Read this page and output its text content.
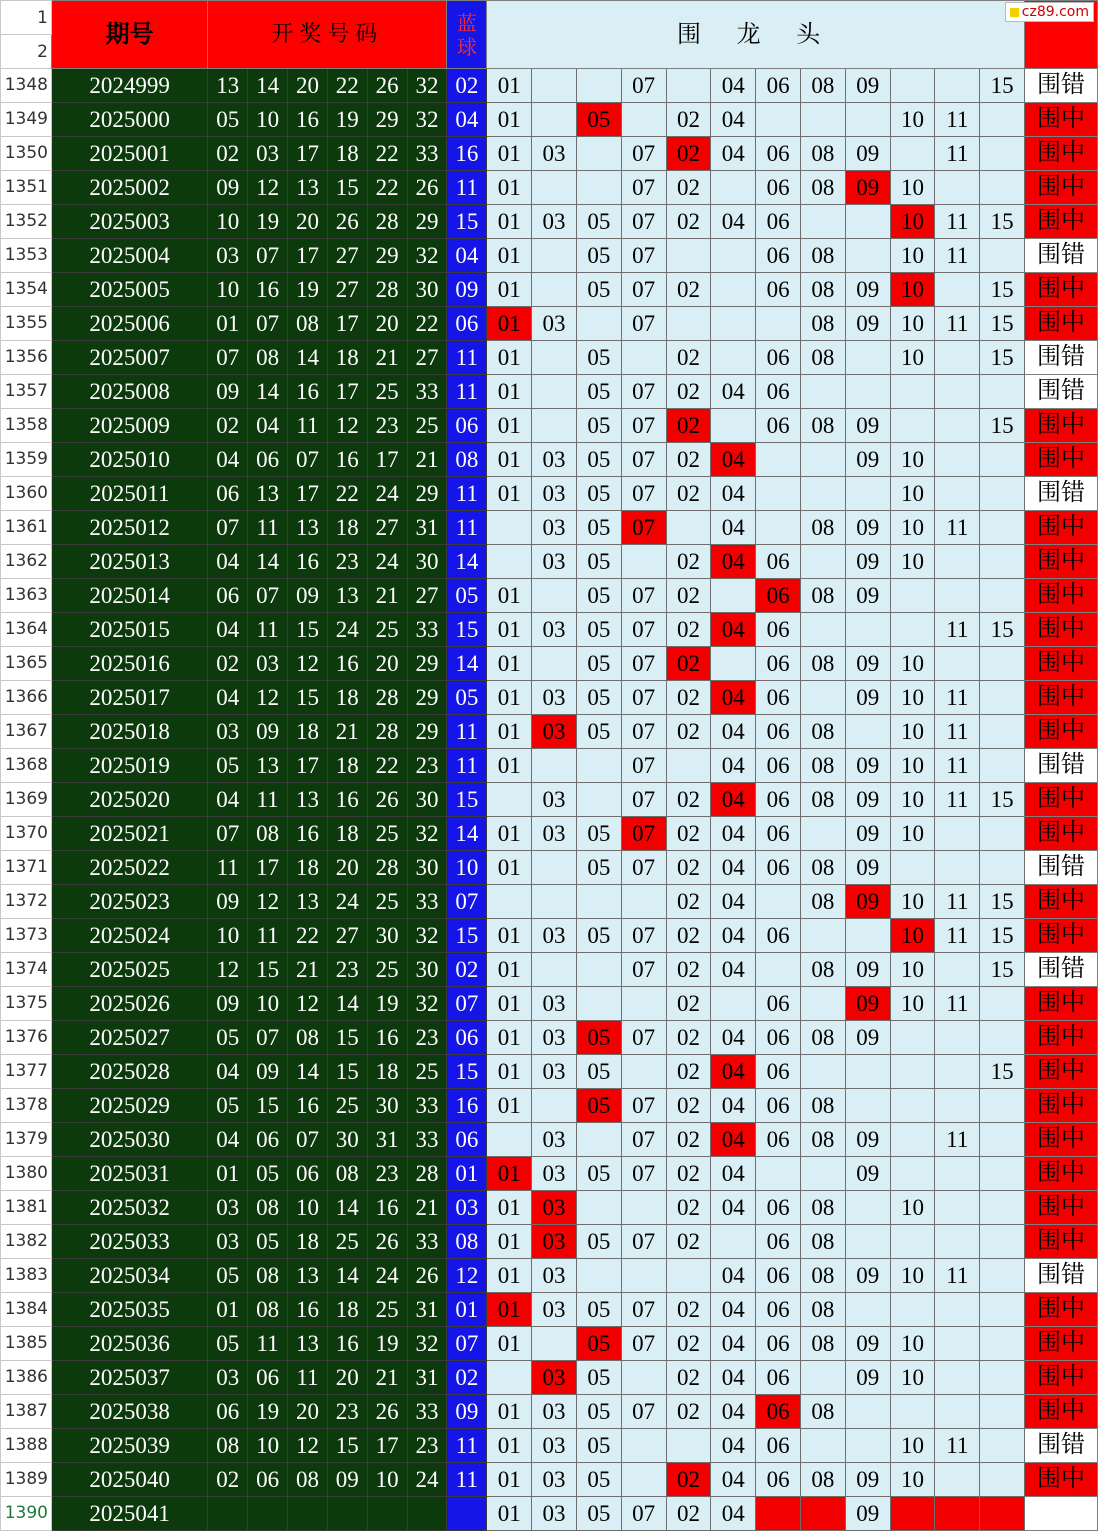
1	期号	开奖号码						蓝
球	围 龙 头												
2																					
1348	2024999	13	14	20	22	26	32	02	01			07		04	06	08	09			15	围错
1349	2025000	05	10	16	19	29	32	04	01		05		02	04				10	11		围中
1350	2025001	02	03	17	18	22	33	16	01	03		07	02	04	06	08	09		11		围中
1351	2025002	09	12	13	15	22	26	11	01			07	02		06	08	09	10			围中
1352	2025003	10	19	20	26	28	29	15	01	03	05	07	02	04	06			10	11	15	围中
1353	2025004	03	07	17	27	29	32	04	01		05	07			06	08		10	11		围错
1354	2025005	10	16	19	27	28	30	09	01		05	07	02		06	08	09	10		15	围中
1355	2025006	01	07	08	17	20	22	06	01	03		07				08	09	10	11	15	围中
1356	2025007	07	08	14	18	21	27	11	01		05		02		06	08		10		15	围错
1357	2025008	09	14	16	17	25	33	11	01		05	07	02	04	06						围错
1358	2025009	02	04	11	12	23	25	06	01		05	07	02		06	08	09			15	围中
1359	2025010	04	06	07	16	17	21	08	01	03	05	07	02	04			09	10			围中
1360	2025011	06	13	17	22	24	29	11	01	03	05	07	02	04				10			围错
1361	2025012	07	11	13	18	27	31	11		03	05	07		04		08	09	10	11		围中
1362	2025013	04	14	16	23	24	30	14		03	05		02	04	06		09	10			围中
1363	2025014	06	07	09	13	21	27	05	01		05	07	02		06	08	09				围中
1364	2025015	04	11	15	24	25	33	15	01	03	05	07	02	04	06				11	15	围中
1365	2025016	02	03	12	16	20	29	14	01		05	07	02		06	08	09	10			围中
1366	2025017	04	12	15	18	28	29	05	01	03	05	07	02	04	06		09	10	11		围中
1367	2025018	03	09	18	21	28	29	11	01	03	05	07	02	04	06	08		10	11		围中
1368	2025019	05	13	17	18	22	23	11	01			07		04	06	08	09	10	11		围错
1369	2025020	04	11	13	16	26	30	15		03		07	02	04	06	08	09	10	11	15	围中
1370	2025021	07	08	16	18	25	32	14	01	03	05	07	02	04	06		09	10			围中
1371	2025022	11	17	18	20	28	30	10	01		05	07	02	04	06	08	09				围错
1372	2025023	09	12	13	24	25	33	07					02	04		08	09	10	11	15	围中
1373	2025024	10	11	22	27	30	32	15	01	03	05	07	02	04	06			10	11	15	围中
1374	2025025	12	15	21	23	25	30	02	01			07	02	04		08	09	10		15	围错
1375	2025026	09	10	12	14	19	32	07	01	03			02		06		09	10	11		围中
1376	2025027	05	07	08	15	16	23	06	01	03	05	07	02	04	06	08	09				围中
1377	2025028	04	09	14	15	18	25	15	01	03	05		02	04	06					15	围中
1378	2025029	05	15	16	25	30	33	16	01		05	07	02	04	06	08					围中
1379	2025030	04	06	07	30	31	33	06		03		07	02	04	06	08	09		11		围中
1380	2025031	01	05	06	08	23	28	01	01	03	05	07	02	04			09				围中
1381	2025032	03	08	10	14	16	21	03	01	03			02	04	06	08		10			围中
1382	2025033	03	05	18	25	26	33	08	01	03	05	07	02		06	08					围中
1383	2025034	05	08	13	14	24	26	12	01	03				04	06	08	09	10	11		围错
1384	2025035	01	08	16	18	25	31	01	01	03	05	07	02	04	06	08					围中
1385	2025036	05	11	13	16	19	32	07	01		05	07	02	04	06	08	09	10			围中
1386	2025037	03	06	11	20	21	31	02		03	05		02	04	06		09	10			围中
1387	2025038	06	19	20	23	26	33	09	01	03	05	07	02	04	06	08					围中
1388	2025039	08	10	12	15	17	23	11	01	03	05			04	06			10	11		围错
1389	2025040	02	06	08	09	10	24	11	01	03	05		02	04	06	08	09	10			围中
1390	2025041								01	03	05	07	02	04			09				
cz89.com
